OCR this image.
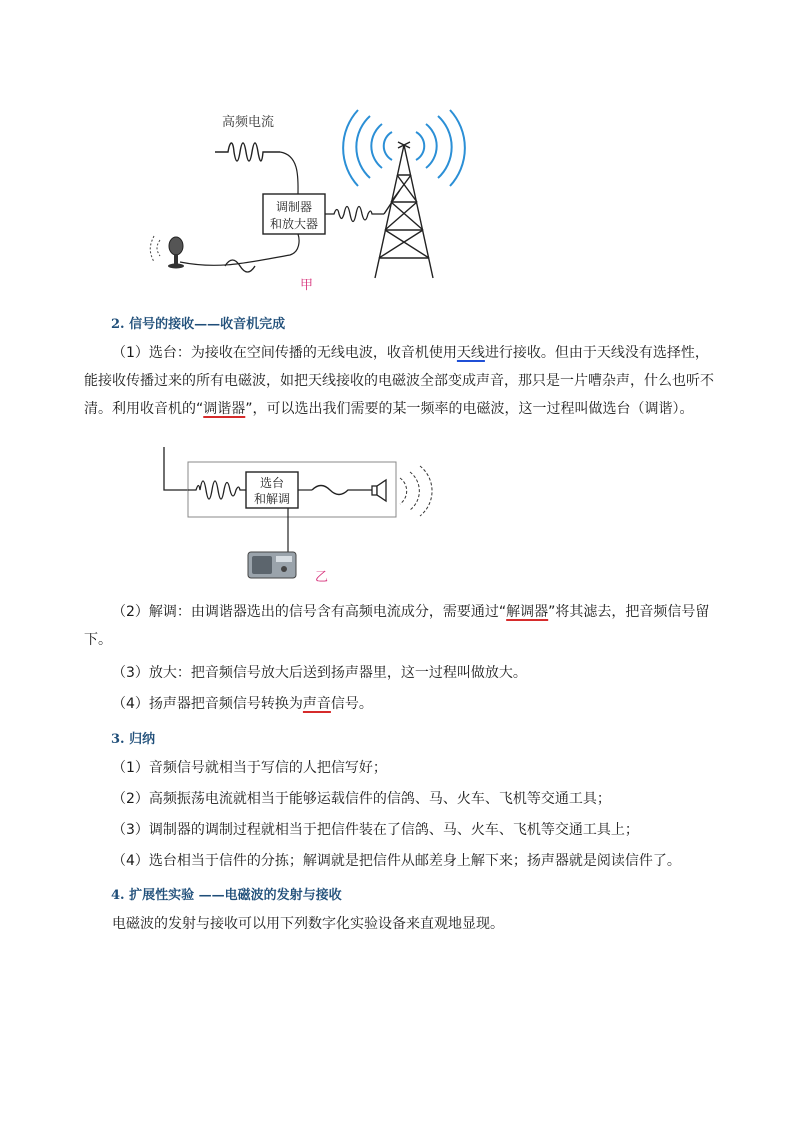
高频电流
调制器
和放大器
甲
2. 信号的接收——收音机完成

（1）选台：为接收在空间传播的无线电波，收音机使用天线进行接收。但由于天线没有选择性，能接收传播过来的所有电磁波，如把天线接收的电磁波全部变成声音，那只是一片嘈杂声，什么也听不清。利用收音机的“调谐器”，可以选出我们需要的某一频率的电磁波，这一过程叫做选台（调谐）。

选台
和解调
乙

（2）解调：由调谐器选出的信号含有高频电流成分，需要通过“解调器”将其滤去，把音频信号留下。

（3）放大：把音频信号放大后送到扬声器里，这一过程叫做放大。

（4）扬声器把音频信号转换为声音信号。

3. 归纳

（1）音频信号就相当于写信的人把信写好；

（2）高频振荡电流就相当于能够运载信件的信鸽、马、火车、飞机等交通工具；

（3）调制器的调制过程就相当于把信件装在了信鸽、马、火车、飞机等交通工具上；

（4）选台相当于信件的分拣；解调就是把信件从邮差身上解下来；扬声器就是阅读信件了。

4. 扩展性实验 ——电磁波的发射与接收

电磁波的发射与接收可以用下列数字化实验设备来直观地显现。
